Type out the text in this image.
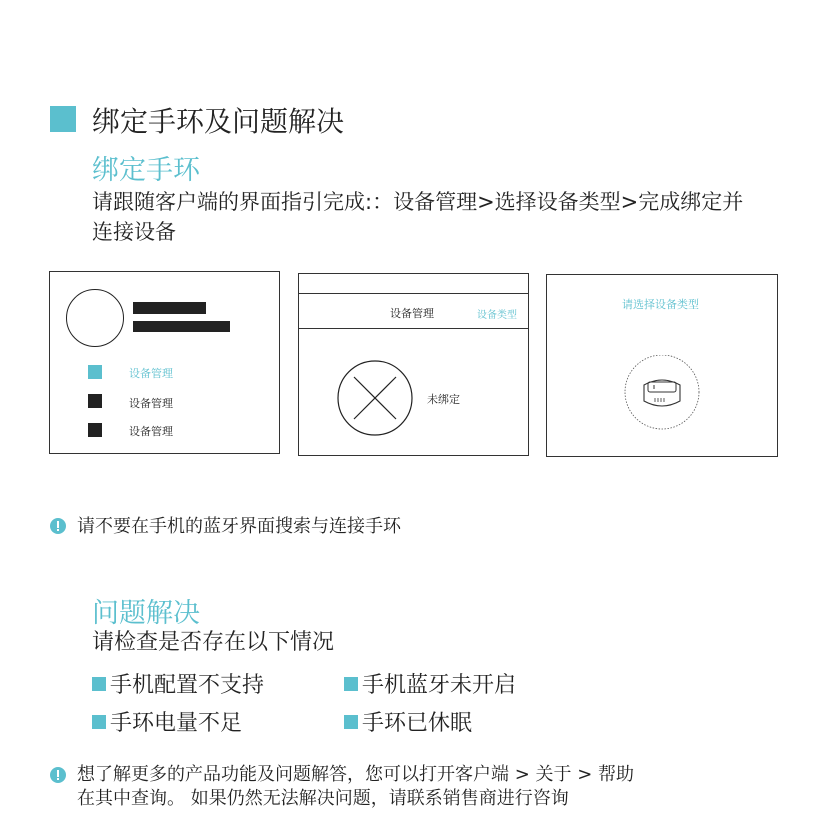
绑定手环及问题解决
绑定手环
请跟随客户端的界面指引完成:：设备管理>选择设备类型>完成绑定并连接设备
设备管理
设备管理
设备管理
设备管理	设备类型
未绑定
请选择设备类型
请不要在手机的蓝牙界面搜索与连接手环
问题解决
请检查是否存在以下情况
手机配置不支持	手机蓝牙未开启
手环电量不足	手环已休眠
想了解更多的产品功能及问题解答，您可以打开客户端 > 关于 > 帮助
在其中查询。 如果仍然无法解决问题，请联系销售商进行咨询
